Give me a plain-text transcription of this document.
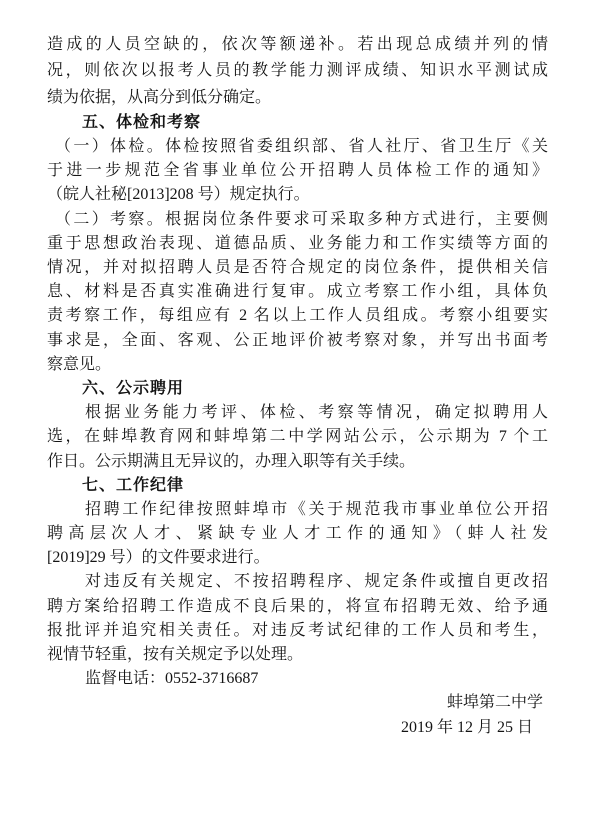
造成的人员空缺的，依次等额递补。若出现总成绩并列的情
况，则依次以报考人员的教学能力测评成绩、知识水平测试成
绩为依据，从高分到低分确定。
五、体检和考察
（一）体检。体检按照省委组织部、省人社厅、省卫生厅《关
于进一步规范全省事业单位公开招聘人员体检工作的通知》
（皖人社秘[2013]208 号）规定执行。
（二）考察。根据岗位条件要求可采取多种方式进行，主要侧
重于思想政治表现、道德品质、业务能力和工作实绩等方面的
情况，并对拟招聘人员是否符合规定的岗位条件，提供相关信
息、材料是否真实准确进行复审。成立考察工作小组，具体负
责考察工作，每组应有 2 名以上工作人员组成。考察小组要实
事求是，全面、客观、公正地评价被考察对象，并写出书面考
察意见。
六、公示聘用
根据业务能力考评、体检、考察等情况，确定拟聘用人
选，在蚌埠教育网和蚌埠第二中学网站公示，公示期为 7 个工
作日。公示期满且无异议的，办理入职等有关手续。
七、工作纪律
招聘工作纪律按照蚌埠市《关于规范我市事业单位公开招
聘高层次人才、紧缺专业人才工作的通知》（蚌人社发
[2019]29 号）的文件要求进行。
对违反有关规定、不按招聘程序、规定条件或擅自更改招
聘方案给招聘工作造成不良后果的，将宣布招聘无效、给予通
报批评并追究相关责任。对违反考试纪律的工作人员和考生，
视情节轻重，按有关规定予以处理。
监督电话：0552-3716687
蚌埠第二中学
2019 年 12 月 25 日
